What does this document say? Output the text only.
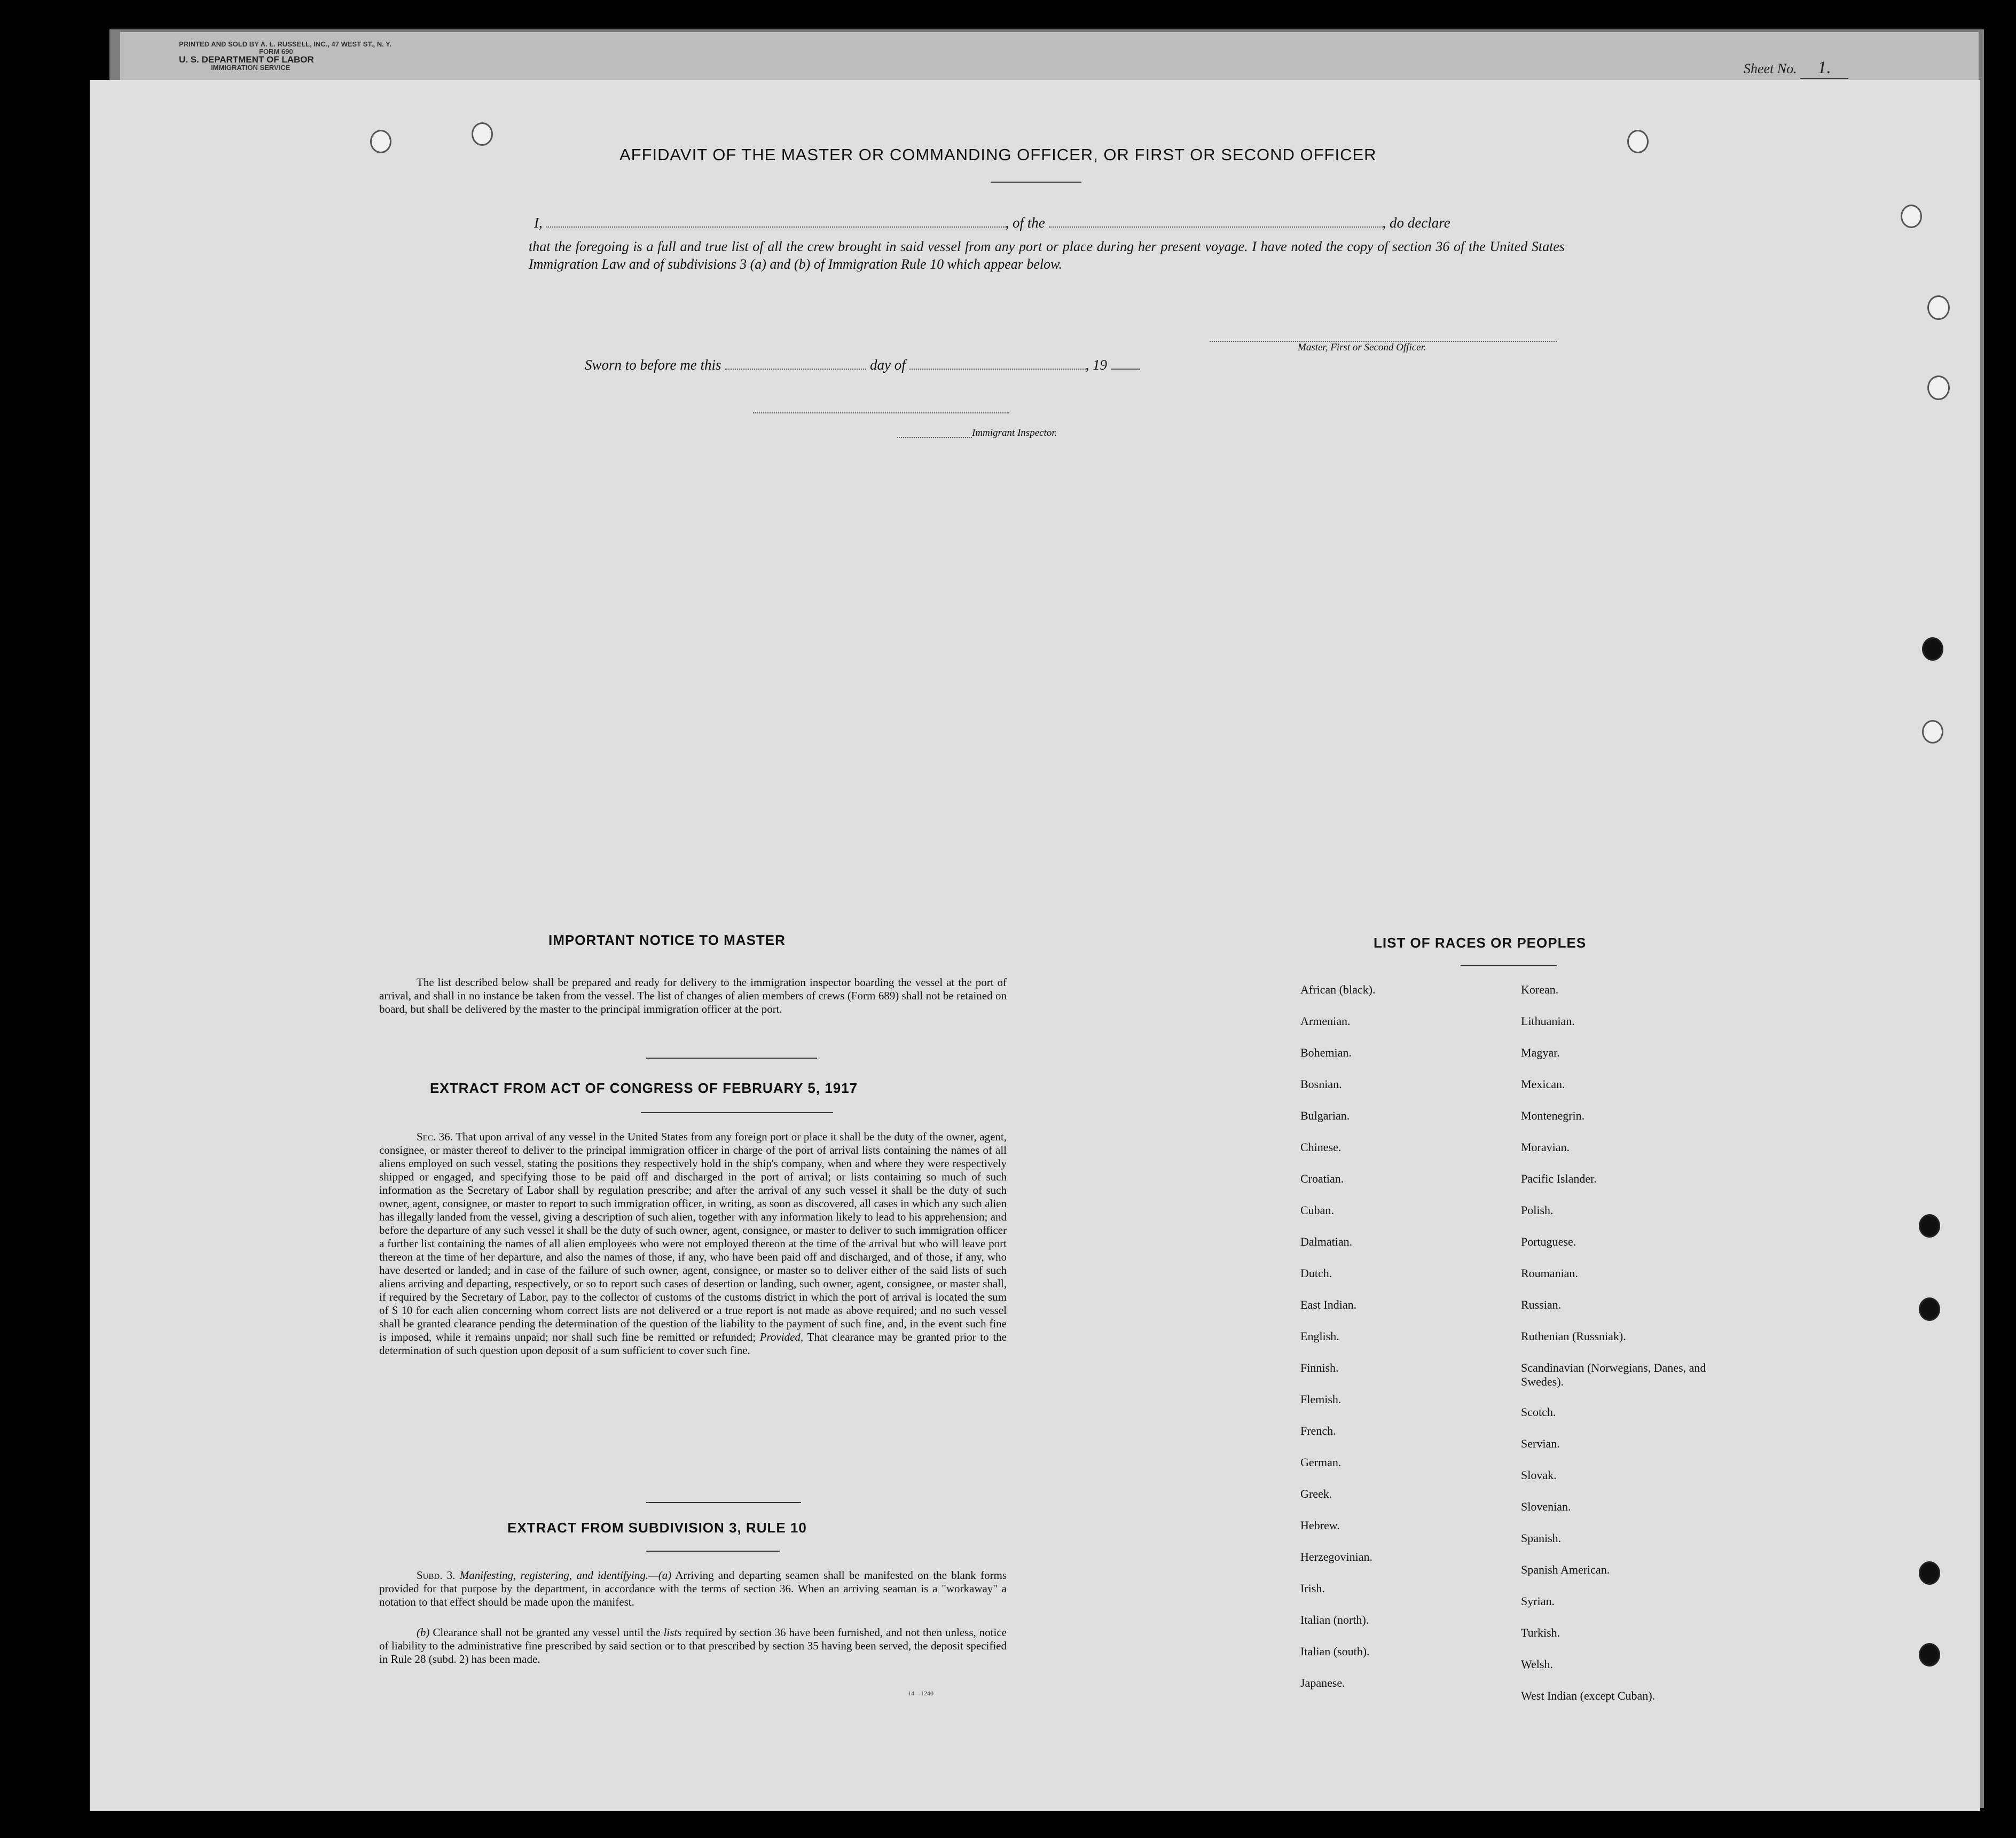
PRINTED AND SOLD BY A. L. RUSSELL, INC., 47 WEST ST., N. Y.
FORM 690
U. S. DEPARTMENT OF LABOR
IMMIGRATION SERVICE	Sheet No. 1.
AFFIDAVIT OF THE MASTER OR COMMANDING OFFICER, OR FIRST OR SECOND OFFICER
I,	, of the	, do declare
that the foregoing is a full and true list of all the crew brought in said vessel from any port or place during her present voyage. I have noted the copy of section 36 of the United States Immigration Law and of subdivisions 3 (a) and (b) of Immigration Rule 10 which appear below.
Master, First or Second Officer.
Sworn to before me this	day of	, 19
Immigrant Inspector.
IMPORTANT NOTICE TO MASTER
The list described below shall be prepared and ready for delivery to the immigration inspector boarding the vessel at the port of arrival, and shall in no instance be taken from the vessel. The list of changes of alien members of crews (Form 689) shall not be retained on board, but shall be delivered by the master to the principal immigration officer at the port.
EXTRACT FROM ACT OF CONGRESS OF FEBRUARY 5, 1917
Sec. 36. That upon arrival of any vessel in the United States from any foreign port or place it shall be the duty of the owner, agent, consignee, or master thereof to deliver to the principal immigration officer in charge of the port of arrival lists containing the names of all aliens employed on such vessel, stating the positions they respectively hold in the ship's company, when and where they were respectively shipped or engaged, and specifying those to be paid off and discharged in the port of arrival; or lists containing so much of such information as the Secretary of Labor shall by regulation prescribe; and after the arrival of any such vessel it shall be the duty of such owner, agent, consignee, or master to report to such immigration officer, in writing, as soon as discovered, all cases in which any such alien has illegally landed from the vessel, giving a description of such alien, together with any information likely to lead to his apprehension; and before the departure of any such vessel it shall be the duty of such owner, agent, consignee, or master to deliver to such immigration officer a further list containing the names of all alien employees who were not employed thereon at the time of the arrival but who will leave port thereon at the time of her departure, and also the names of those, if any, who have been paid off and discharged, and of those, if any, who have deserted or landed; and in case of the failure of such owner, agent, consignee, or master so to deliver either of the said lists of such aliens arriving and departing, respectively, or so to report such cases of desertion or landing, such owner, agent, consignee, or master shall, if required by the Secretary of Labor, pay to the collector of customs of the customs district in which the port of arrival is located the sum of $ 10 for each alien concerning whom correct lists are not delivered or a true report is not made as above required; and no such vessel shall be granted clearance pending the determination of the question of the liability to the payment of such fine, and, in the event such fine is imposed, while it remains unpaid; nor shall such fine be remitted or refunded; Provided, That clearance may be granted prior to the determination of such question upon deposit of a sum sufficient to cover such fine.
EXTRACT FROM SUBDIVISION 3, RULE 10
Subd. 3. Manifesting, registering, and identifying.—(a) Arriving and departing seamen shall be manifested on the blank forms provided for that purpose by the department, in accordance with the terms of section 36. When an arriving seaman is a "workaway" a notation to that effect should be made upon the manifest.
(b) Clearance shall not be granted any vessel until the lists required by section 36 have been furnished, and not then unless, notice of liability to the administrative fine prescribed by said section or to that prescribed by section 35 having been served, the deposit specified in Rule 28 (subd. 2) has been made.
14—1240
LIST OF RACES OR PEOPLES
African (black).
Armenian.
Bohemian.
Bosnian.
Bulgarian.
Chinese.
Croatian.
Cuban.
Dalmatian.
Dutch.
East Indian.
English.
Finnish.
Flemish.
French.
German.
Greek.
Hebrew.
Herzegovinian.
Irish.
Italian (north).
Italian (south).
Japanese.
Korean.
Lithuanian.
Magyar.
Mexican.
Montenegrin.
Moravian.
Pacific Islander.
Polish.
Portuguese.
Roumanian.
Russian.
Ruthenian (Russniak).
Scandinavian (Norwegians, Danes, and Swedes).
Scotch.
Servian.
Slovak.
Slovenian.
Spanish.
Spanish American.
Syrian.
Turkish.
Welsh.
West Indian (except Cuban).
